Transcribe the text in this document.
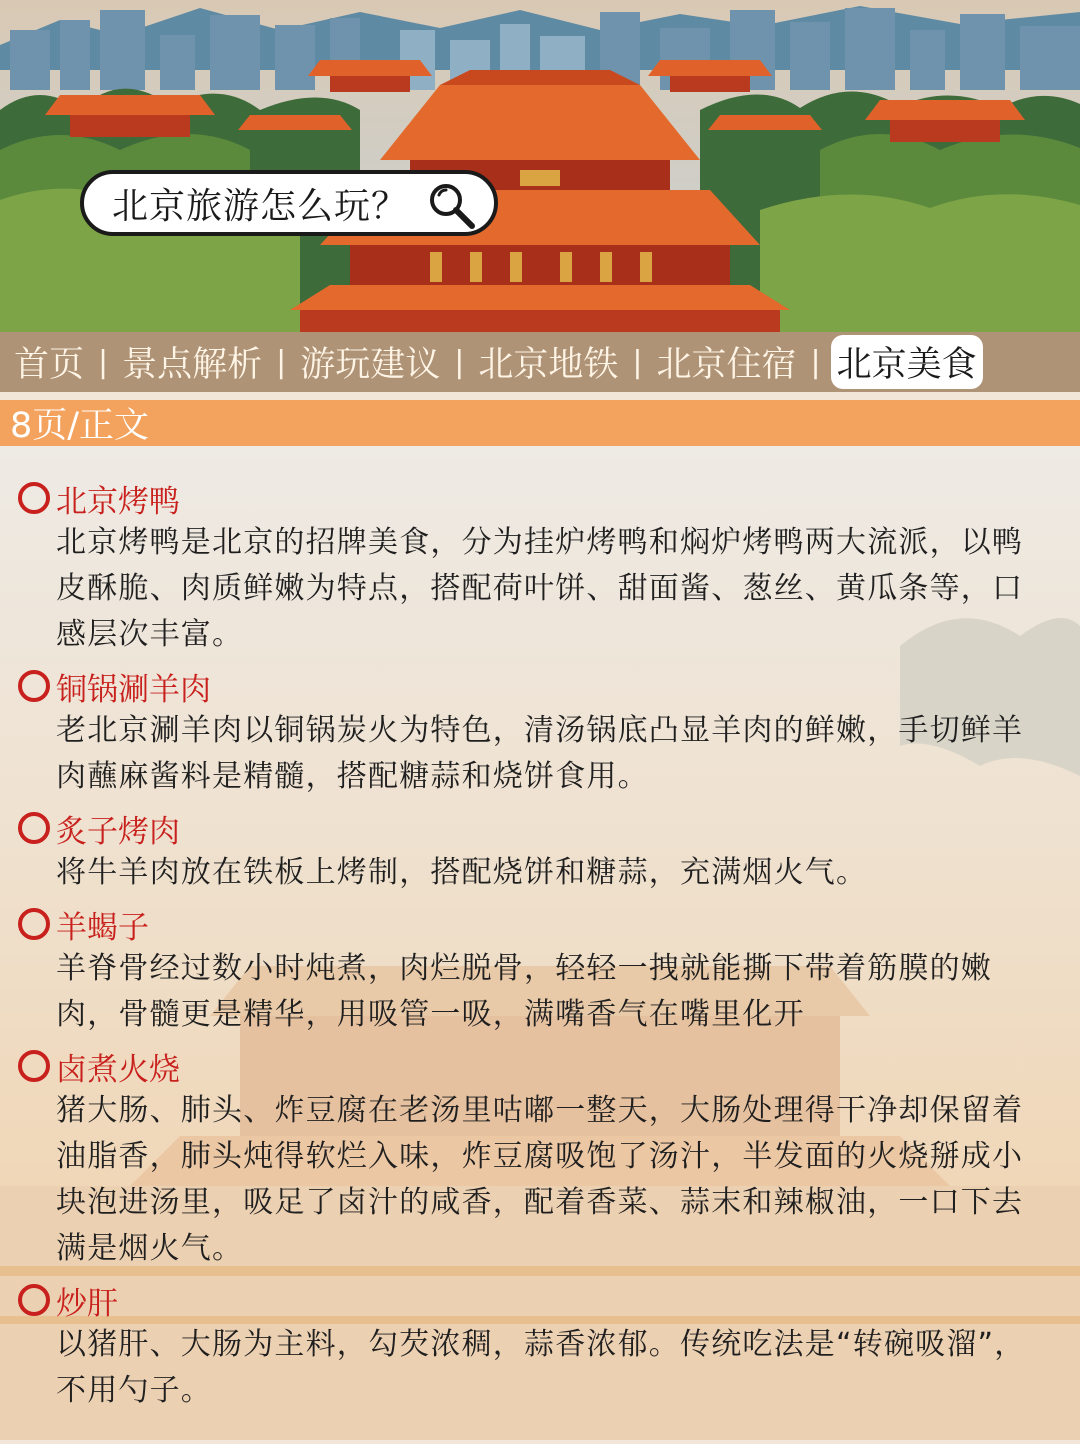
北京旅游怎么玩？
首页 | 景点解析 | 游玩建议 | 北京地铁 | 北京住宿 | 北京美食
8页/正文
北京烤鸭
北京烤鸭是北京的招牌美食，分为挂炉烤鸭和焖炉烤鸭两大流派，以鸭皮酥脆、肉质鲜嫩为特点，搭配荷叶饼、甜面酱、葱丝、黄瓜条等，口感层次丰富。
铜锅涮羊肉
老北京涮羊肉以铜锅炭火为特色，清汤锅底凸显羊肉的鲜嫩，手切鲜羊肉蘸麻酱料是精髓，搭配糖蒜和烧饼食用。
炙子烤肉
将牛羊肉放在铁板上烤制，搭配烧饼和糖蒜，充满烟火气。
羊蝎子
羊脊骨经过数小时炖煮，肉烂脱骨，轻轻一拽就能撕下带着筋膜的嫩肉，骨髓更是精华，用吸管一吸，满嘴香气在嘴里化开
卤煮火烧
猪大肠、肺头、炸豆腐在老汤里咕嘟一整天，大肠处理得干净却保留着油脂香，肺头炖得软烂入味，炸豆腐吸饱了汤汁，半发面的火烧掰成小块泡进汤里，吸足了卤汁的咸香，配着香菜、蒜末和辣椒油，一口下去满是烟火气。
炒肝
以猪肝、大肠为主料，勾芡浓稠，蒜香浓郁。传统吃法是“转碗吸溜”，不用勺子。
